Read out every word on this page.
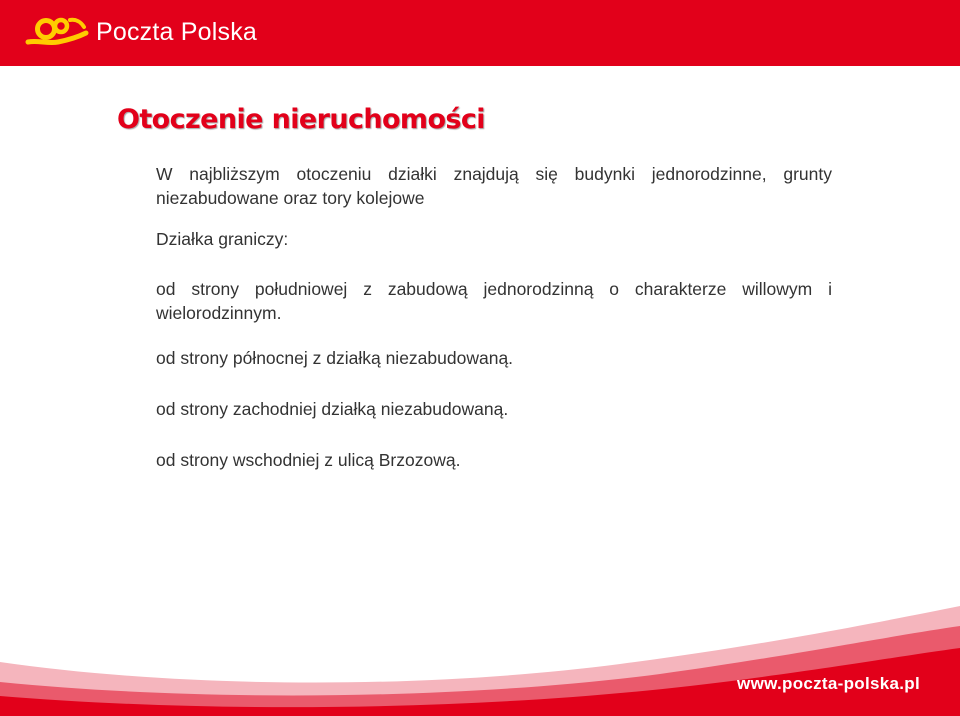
Poczta Polska
Otoczenie nieruchomości

W najbliższym otoczeniu działki znajdują się budynki jednorodzinne, grunty niezabudowane oraz tory kolejowe

Działka graniczy:

od strony południowej z zabudową jednorodzinną o charakterze willowym i wielorodzinnym.

od strony północnej z działką niezabudowaną.

od strony zachodniej działką niezabudowaną.

od strony wschodniej z ulicą Brzozową.

www.poczta-polska.pl
